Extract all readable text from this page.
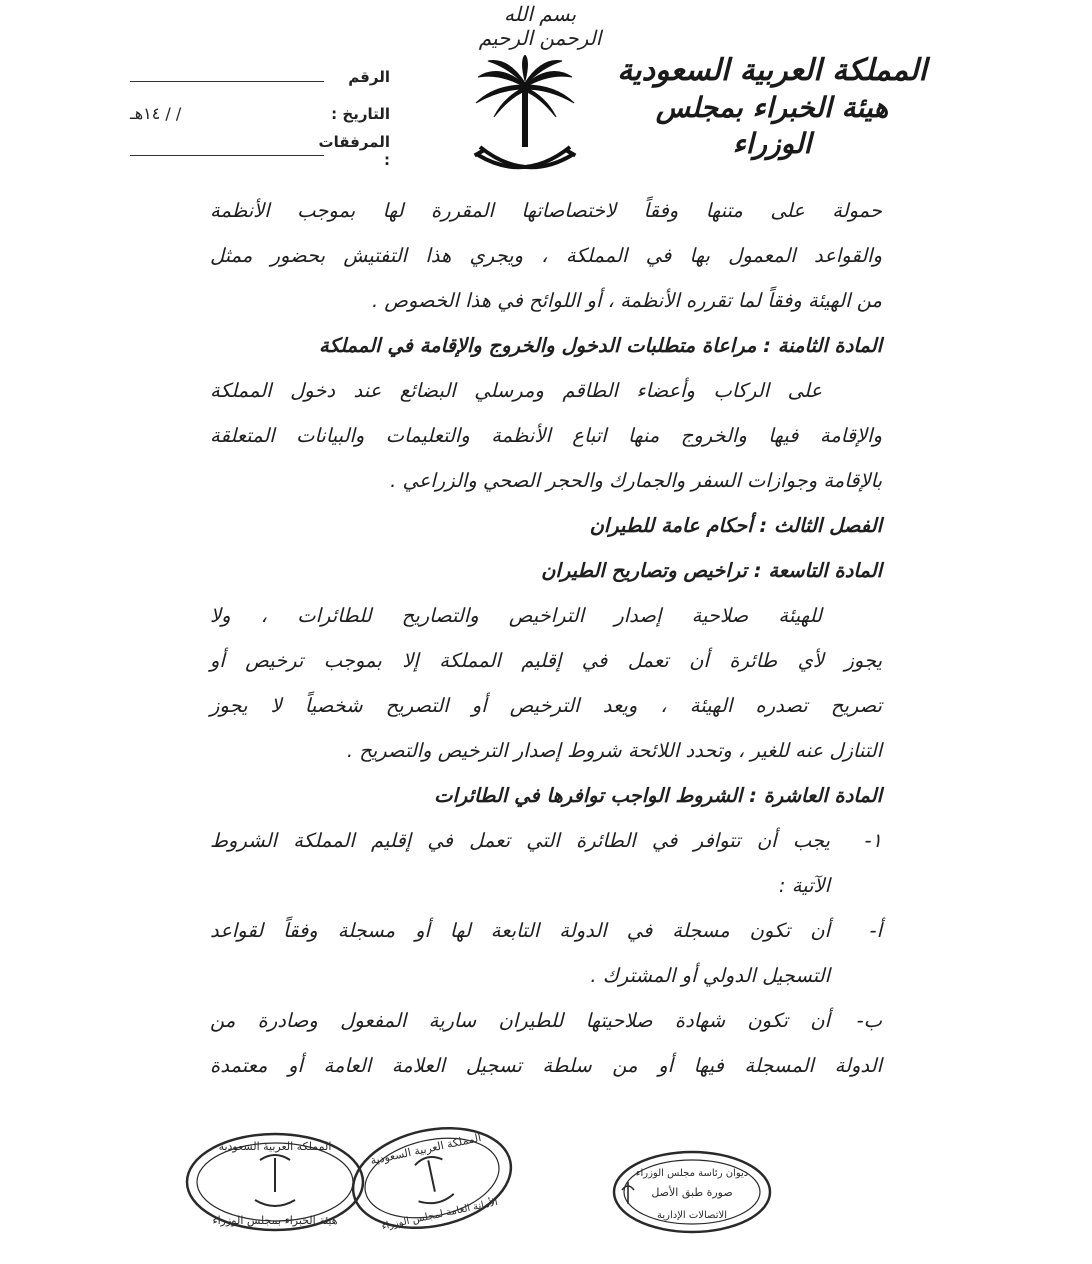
بسم الله الرحمن الرحيم
المملكة العربية السعودية
هيئة الخبراء بمجلس الوزراء
الرقم
التاريخ :
/ / ١٤هـ
المرفقات :
حمولة على متنها وفقاً لاختصاصاتها المقررة لها بموجب الأنظمة
والقواعد المعمول بها في المملكة ، ويجري هذا التفتيش بحضور ممثل
من الهيئة وفقاً لما تقرره الأنظمة ، أو اللوائح في هذا الخصوص .
المادة الثامنة : مراعاة متطلبات الدخول والخروج والإقامة في المملكة
على الركاب وأعضاء الطاقم ومرسلي البضائع عند دخول المملكة
والإقامة فيها والخروج منها اتباع الأنظمة والتعليمات والبيانات المتعلقة
بالإقامة وجوازات السفر والجمارك والحجر الصحي والزراعي .
الفصل الثالث : أحكام عامة للطيران
المادة التاسعة : تراخيص وتصاريح الطيران
للهيئة صلاحية إصدار التراخيص والتصاريح للطائرات ، ولا
يجوز لأي طائرة أن تعمل في إقليم المملكة إلا بموجب ترخيص أو
تصريح تصدره الهيئة ، ويعد الترخيص أو التصريح شخصياً لا يجوز
التنازل عنه للغير ، وتحدد اللائحة شروط إصدار الترخيص والتصريح .
المادة العاشرة : الشروط الواجب توافرها في الطائرات
١-
يجب أن تتوافر في الطائرة التي تعمل في إقليم المملكة الشروط
الآتية :
أ-
أن تكون مسجلة في الدولة التابعة لها أو مسجلة وفقاً لقواعد
التسجيل الدولي أو المشترك .
ب-
أن تكون شهادة صلاحيتها للطيران سارية المفعول وصادرة من
الدولة المسجلة فيها أو من سلطة تسجيل العلامة العامة أو معتمدة
المملكة العربية السعودية
هيئة الخبراء بمجلس الوزراء
المملكة العربية السعودية
الأمانة العامة لمجلس الوزراء
ديوان رئاسة مجلس الوزراء
صورة طبق الأصل
الاتصالات الإدارية
